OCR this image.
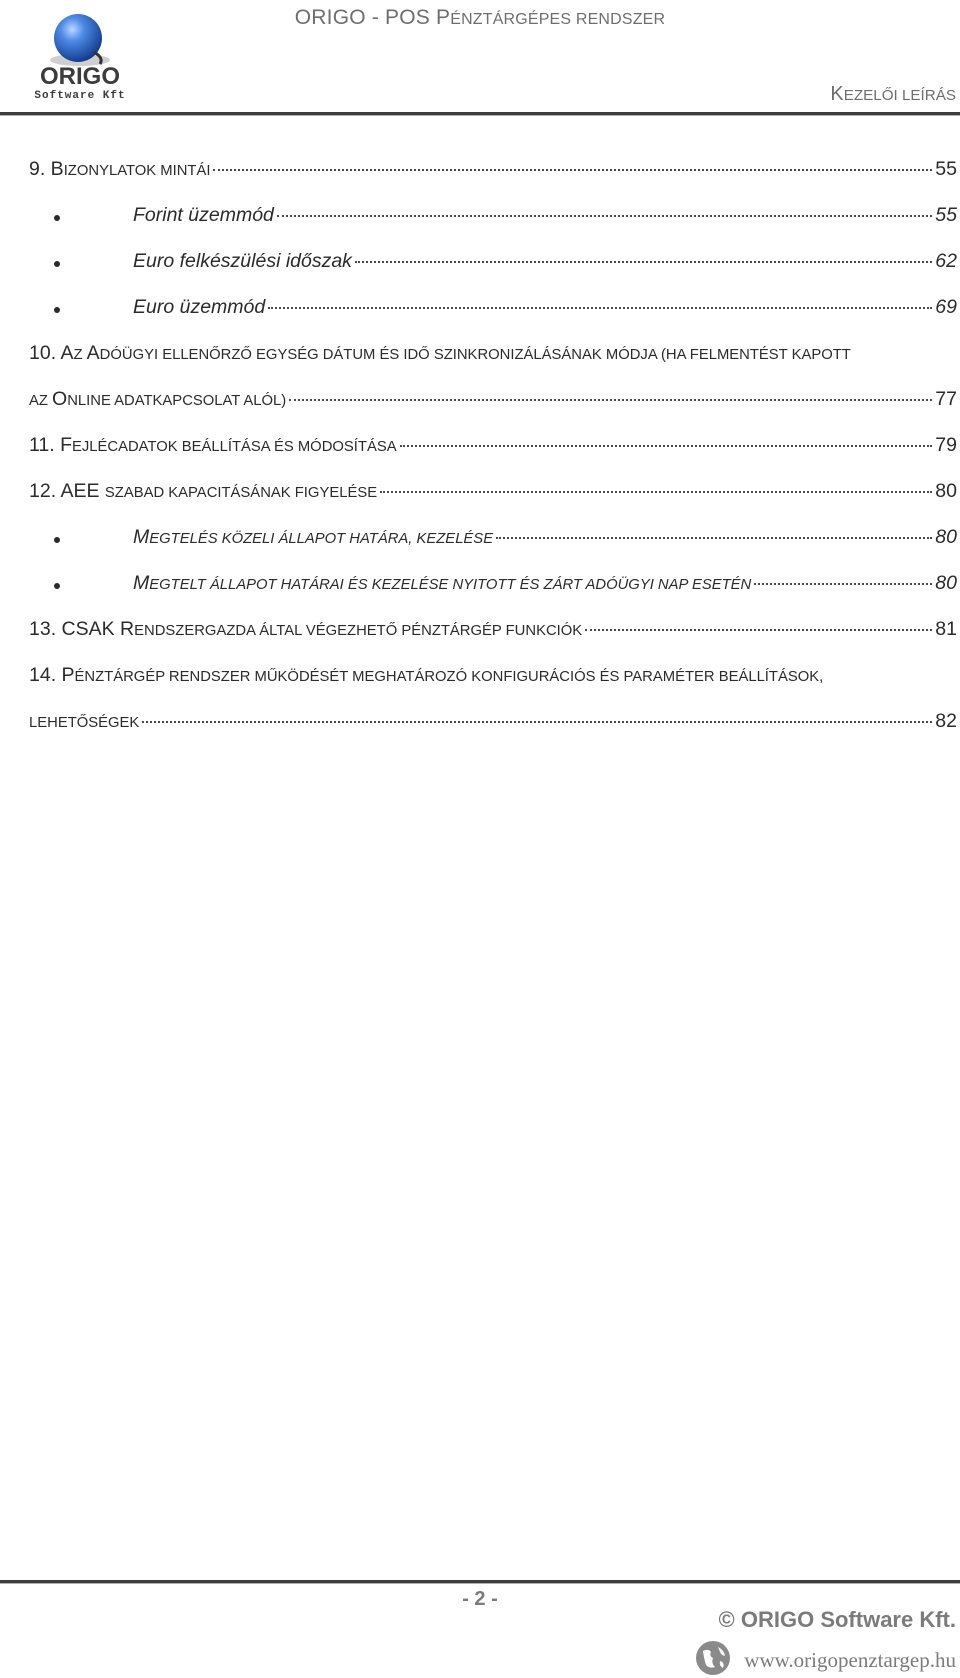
ORIGO
Software Kft
ORIGO - POS PÉNZTÁRGÉPES RENDSZER
KEZELŐI LEÍRÁS
9. BIZONYLATOK MINTÁI	55
Forint üzemmód	55
Euro felkészülési időszak	62
Euro üzemmód	69
10. AZ ADÓÜGYI ELLENŐRZŐ EGYSÉG DÁTUM ÉS IDŐ SZINKRONIZÁLÁSÁNAK MÓDJA (HA FELMENTÉST KAPOTT
AZ ONLINE ADATKAPCSOLAT ALÓL)	77
11. FEJLÉCADATOK BEÁLLÍTÁSA ÉS MÓDOSÍTÁSA	79
12. AEE SZABAD KAPACITÁSÁNAK FIGYELÉSE	80
MEGTELÉS KÖZELI ÁLLAPOT HATÁRA, KEZELÉSE	80
MEGTELT ÁLLAPOT HATÁRAI ÉS KEZELÉSE NYITOTT ÉS ZÁRT ADÓÜGYI NAP ESETÉN	80
13. CSAK RENDSZERGAZDA ÁLTAL VÉGEZHETŐ PÉNZTÁRGÉP FUNKCIÓK	81
14. PÉNZTÁRGÉP RENDSZER MŰKÖDÉSÉT MEGHATÁROZÓ KONFIGURÁCIÓS ÉS PARAMÉTER BEÁLLÍTÁSOK,
LEHETŐSÉGEK	82
- 2 -
© ORIGO Software Kft.
www.origopenztargep.hu
